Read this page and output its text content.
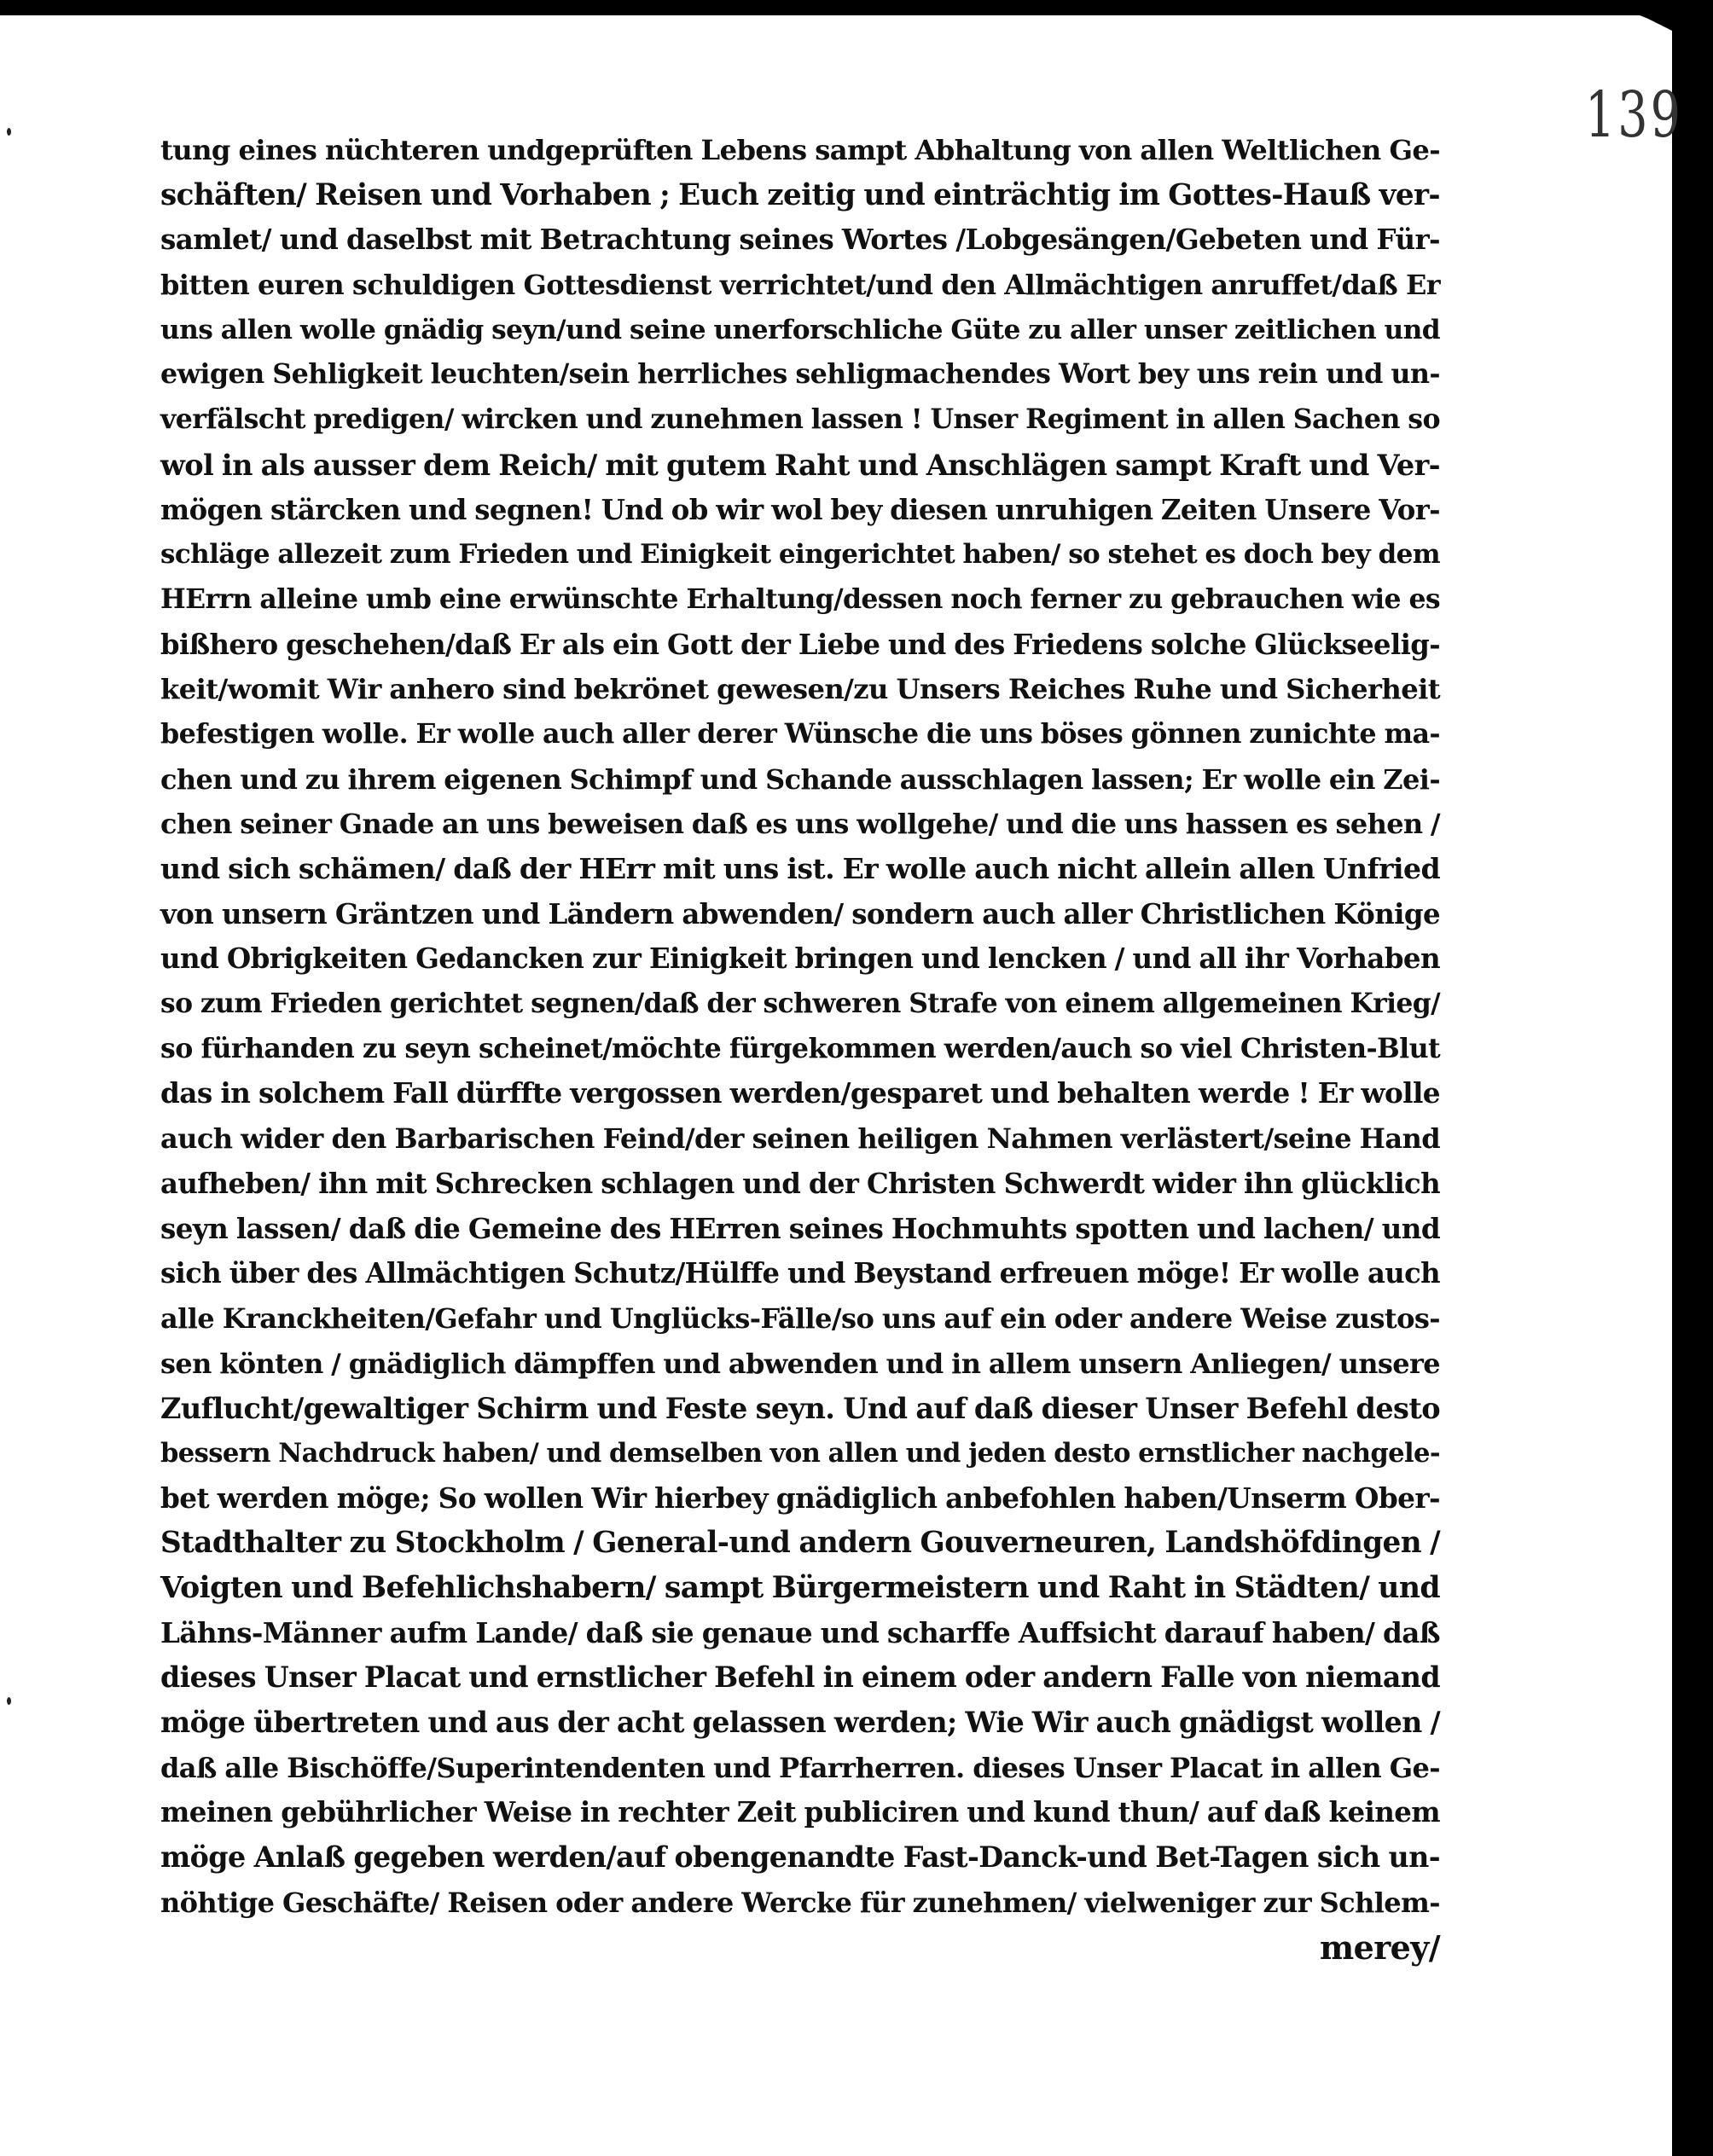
139
tung eines nüchteren undgeprüften Lebens sampt Abhaltung von allen Weltlichen Ge-
schäften/ Reisen und Vorhaben ; Euch zeitig und einträchtig im Gottes-Hauß ver-
samlet/ und daselbst mit Betrachtung seines Wortes /Lobgesängen/Gebeten und Für-
bitten euren schuldigen Gottesdienst verrichtet/und den Allmächtigen anruffet/daß Er
uns allen wolle gnädig seyn/und seine unerforschliche Güte zu aller unser zeitlichen und
ewigen Sehligkeit leuchten/sein herrliches sehligmachendes Wort bey uns rein und un-
verfälscht predigen/ wircken und zunehmen lassen ! Unser Regiment in allen Sachen so
wol in als ausser dem Reich/ mit gutem Raht und Anschlägen sampt Kraft und Ver-
mögen stärcken und segnen! Und ob wir wol bey diesen unruhigen Zeiten Unsere Vor-
schläge allezeit zum Frieden und Einigkeit eingerichtet haben/ so stehet es doch bey dem
HErrn alleine umb eine erwünschte Erhaltung/dessen noch ferner zu gebrauchen wie es
bißhero geschehen/daß Er als ein Gott der Liebe und des Friedens solche Glückseelig-
keit/womit Wir anhero sind bekrönet gewesen/zu Unsers Reiches Ruhe und Sicherheit
befestigen wolle. Er wolle auch aller derer Wünsche die uns böses gönnen zunichte ma-
chen und zu ihrem eigenen Schimpf und Schande ausschlagen lassen; Er wolle ein Zei-
chen seiner Gnade an uns beweisen daß es uns wollgehe/ und die uns hassen es sehen /
und sich schämen/ daß der HErr mit uns ist. Er wolle auch nicht allein allen Unfried
von unsern Gräntzen und Ländern abwenden/ sondern auch aller Christlichen Könige
und Obrigkeiten Gedancken zur Einigkeit bringen und lencken / und all ihr Vorhaben
so zum Frieden gerichtet segnen/daß der schweren Strafe von einem allgemeinen Krieg/
so fürhanden zu seyn scheinet/möchte fürgekommen werden/auch so viel Christen-Blut
das in solchem Fall dürffte vergossen werden/gesparet und behalten werde ! Er wolle
auch wider den Barbarischen Feind/der seinen heiligen Nahmen verlästert/seine Hand
aufheben/ ihn mit Schrecken schlagen und der Christen Schwerdt wider ihn glücklich
seyn lassen/ daß die Gemeine des HErren seines Hochmuhts spotten und lachen/ und
sich über des Allmächtigen Schutz/Hülffe und Beystand erfreuen möge! Er wolle auch
alle Kranckheiten/Gefahr und Unglücks-Fälle/so uns auf ein oder andere Weise zustos-
sen könten / gnädiglich dämpffen und abwenden und in allem unsern Anliegen/ unsere
Zuflucht/gewaltiger Schirm und Feste seyn. Und auf daß dieser Unser Befehl desto
bessern Nachdruck haben/ und demselben von allen und jeden desto ernstlicher nachgele-
bet werden möge; So wollen Wir hierbey gnädiglich anbefohlen haben/Unserm Ober-
Stadthalter zu Stockholm / General-und andern Gouverneuren, Landshöfdingen /
Voigten und Befehlichshabern/ sampt Bürgermeistern und Raht in Städten/ und
Lähns-Männer aufm Lande/ daß sie genaue und scharffe Auffsicht darauf haben/ daß
dieses Unser Placat und ernstlicher Befehl in einem oder andern Falle von niemand
möge übertreten und aus der acht gelassen werden; Wie Wir auch gnädigst wollen /
daß alle Bischöffe/Superintendenten und Pfarrherren. dieses Unser Placat in allen Ge-
meinen gebührlicher Weise in rechter Zeit publiciren und kund thun/ auf daß keinem
möge Anlaß gegeben werden/auf obengenandte Fast-Danck-und Bet-Tagen sich un-
nöhtige Geschäfte/ Reisen oder andere Wercke für zunehmen/ vielweniger zur Schlem-
merey/
